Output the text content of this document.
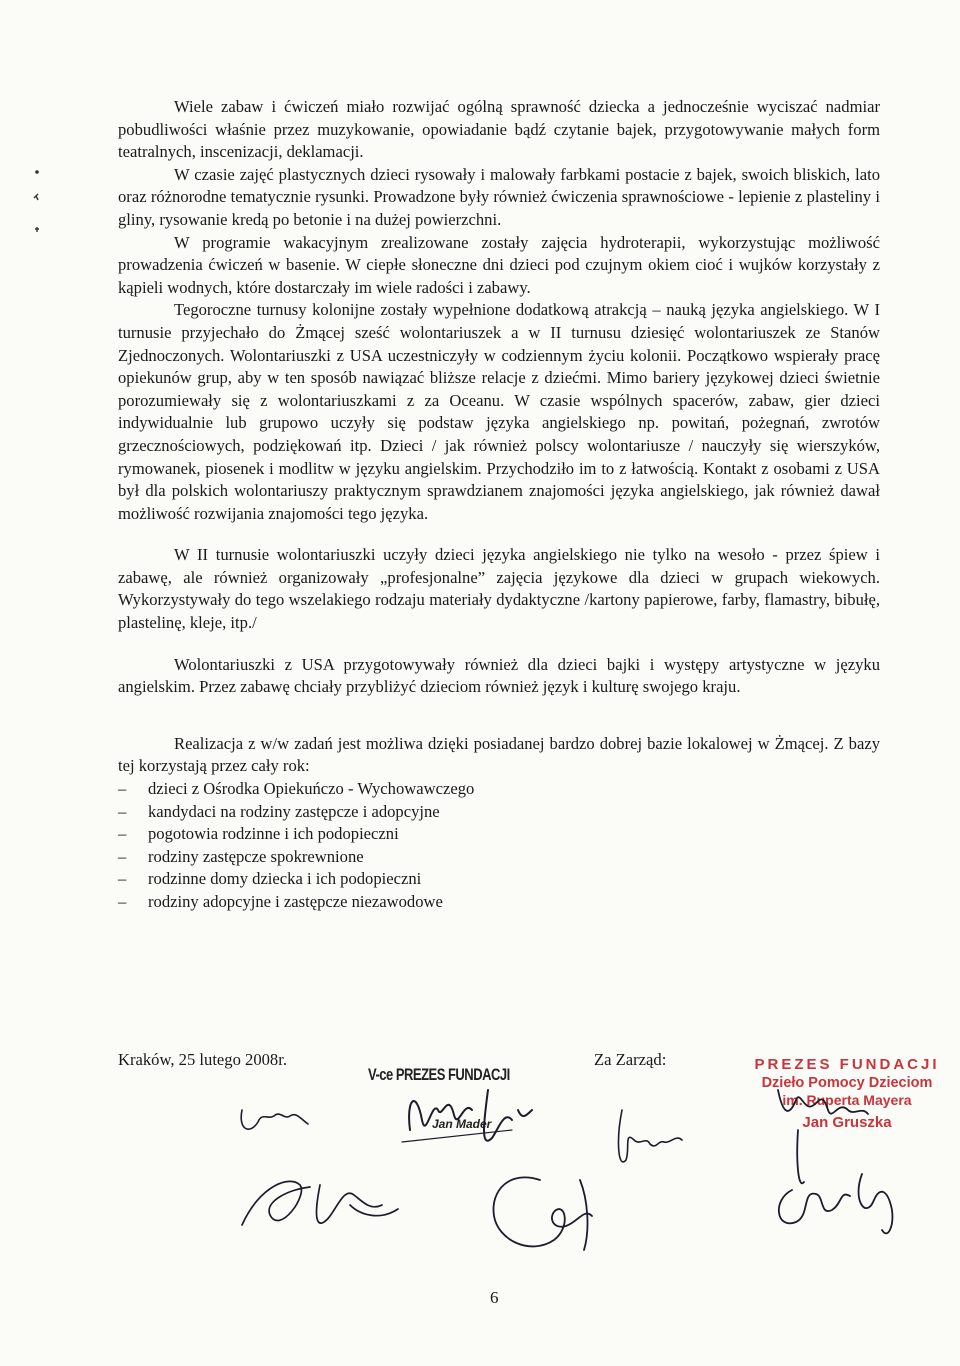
Wiele zabaw i ćwiczeń miało rozwijać ogólną sprawność dziecka a jednocześnie wyciszać nadmiar pobudliwości właśnie przez muzykowanie, opowiadanie bądź czytanie bajek, przygotowywanie małych form teatralnych, inscenizacji, deklamacji.

W czasie zajęć plastycznych dzieci rysowały i malowały farbkami postacie z bajek, swoich bliskich, lato oraz różnorodne tematycznie rysunki. Prowadzone były również ćwiczenia sprawnościowe - lepienie z plasteliny i gliny, rysowanie kredą po betonie i na dużej powierzchni.

W programie wakacyjnym zrealizowane zostały zajęcia hydroterapii, wykorzystując możliwość prowadzenia ćwiczeń w basenie. W ciepłe słoneczne dni dzieci pod czujnym okiem cioć i wujków korzystały z kąpieli wodnych, które dostarczały im wiele radości i zabawy.

Tegoroczne turnusy kolonijne zostały wypełnione dodatkową atrakcją – nauką języka angielskiego. W I turnusie przyjechało do Żmącej sześć wolontariuszek a w II turnusu dziesięć wolontariuszek ze Stanów Zjednoczonych. Wolontariuszki z USA uczestniczyły w codziennym życiu kolonii. Początkowo wspierały pracę opiekunów grup, aby w ten sposób nawiązać bliższe relacje z dziećmi. Mimo bariery językowej dzieci świetnie porozumiewały się z wolontariuszkami z za Oceanu. W czasie wspólnych spacerów, zabaw, gier dzieci indywidualnie lub grupowo uczyły się podstaw języka angielskiego np. powitań, pożegnań, zwrotów grzecznościowych, podziękowań itp. Dzieci / jak również polscy wolontariusze / nauczyły się wierszyków, rymowanek, piosenek i modlitw w języku angielskim. Przychodziło im to z łatwością. Kontakt z osobami z USA był dla polskich wolontariuszy praktycznym sprawdzianem znajomości języka angielskiego, jak również dawał możliwość rozwijania znajomości tego języka.

W II turnusie wolontariuszki uczyły dzieci języka angielskiego nie tylko na wesoło - przez śpiew i zabawę, ale również organizowały „profesjonalne” zajęcia językowe dla dzieci w grupach wiekowych. Wykorzystywały do tego wszelakiego rodzaju materiały dydaktyczne /kartony papierowe, farby, flamastry, bibułę, plastelinę, kleje, itp./

Wolontariuszki z USA przygotowywały również dla dzieci bajki i występy artystyczne w języku angielskim. Przez zabawę chciały przybliżyć dzieciom również język i kulturę swojego kraju.

Realizacja z w/w zadań jest możliwa dzięki posiadanej bardzo dobrej bazie lokalowej w Żmącej. Z bazy tej korzystają przez cały rok:

– dzieci z Ośrodka Opiekuńczo - Wychowawczego
– kandydaci na rodziny zastępcze i adopcyjne
– pogotowia rodzinne i ich podopieczni
– rodziny zastępcze spokrewnione
– rodzinne domy dziecka i ich podopieczni
– rodziny adopcyjne i zastępcze niezawodowe
Kraków, 25 lutego 2008r.	Za Zarząd:
V-ce PREZES FUNDACJI
Jan Mader
PREZES FUNDACJI
Dzieło Pomocy Dzieciom
im. Ruperta Mayera
Jan Gruszka
6
